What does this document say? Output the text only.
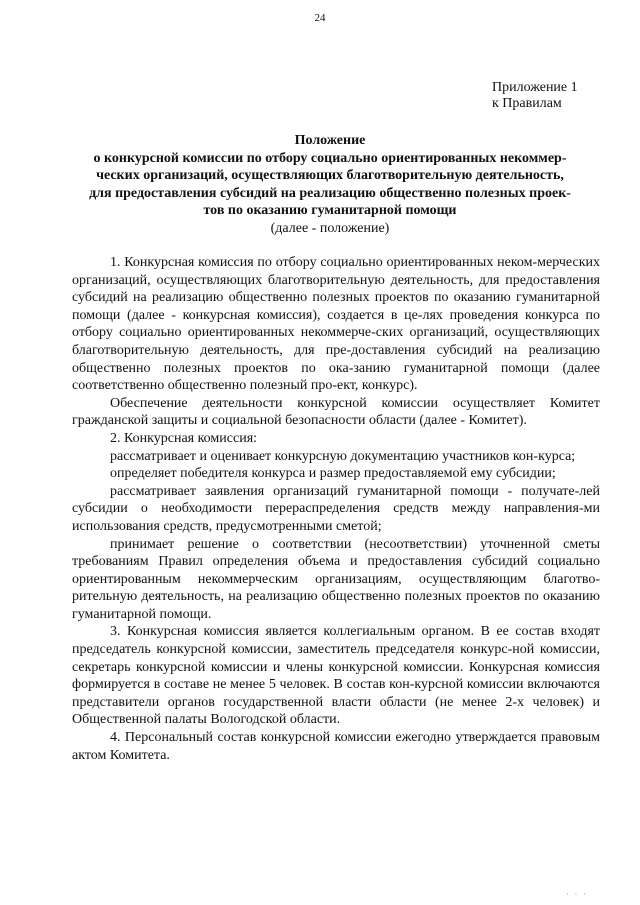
24
Приложение 1
к Правилам
Положение
о конкурсной комиссии по отбору социально ориентированных некоммер-
ческих организаций, осуществляющих благотворительную деятельность,
для предоставления субсидий на реализацию общественно полезных проек-
тов по оказанию гуманитарной помощи
(далее - положение)

1. Конкурсная комиссия по отбору социально ориентированных неком-мерческих организаций, осуществляющих благотворительную деятельность, для предоставления субсидий на реализацию общественно полезных проектов по оказанию гуманитарной помощи (далее - конкурсная комиссия), создается в це-лях проведения конкурса по отбору социально ориентированных некоммерче-ских организаций, осуществляющих благотворительную деятельность, для пре-доставления субсидий на реализацию общественно полезных проектов по ока-занию гуманитарной помощи (далее соответственно общественно полезный про-ект, конкурс).

Обеспечение деятельности конкурсной комиссии осуществляет Комитет гражданской защиты и социальной безопасности области (далее - Комитет).

2. Конкурсная комиссия:

рассматривает и оценивает конкурсную документацию участников кон-курса;

определяет победителя конкурса и размер предоставляемой ему субсидии;

рассматривает заявления организаций гуманитарной помощи - получате-лей субсидии о необходимости перераспределения средств между направления-ми использования средств, предусмотренными сметой;

принимает решение о соответствии (несоответствии) уточненной сметы требованиям Правил определения объема и предоставления субсидий социально ориентированным некоммерческим организациям, осуществляющим благотво-рительную деятельность, на реализацию общественно полезных проектов по оказанию гуманитарной помощи.

3. Конкурсная комиссия является коллегиальным органом. В ее состав входят председатель конкурсной комиссии, заместитель председателя конкурс-ной комиссии, секретарь конкурсной комиссии и члены конкурсной комиссии. Конкурсная комиссия формируется в составе не менее 5 человек. В состав кон-курсной комиссии включаются представители органов государственной власти области (не менее 2-х человек) и Общественной палаты Вологодской области.

4. Персональный состав конкурсной комиссии ежегодно утверждается правовым актом Комитета.

· · ·
